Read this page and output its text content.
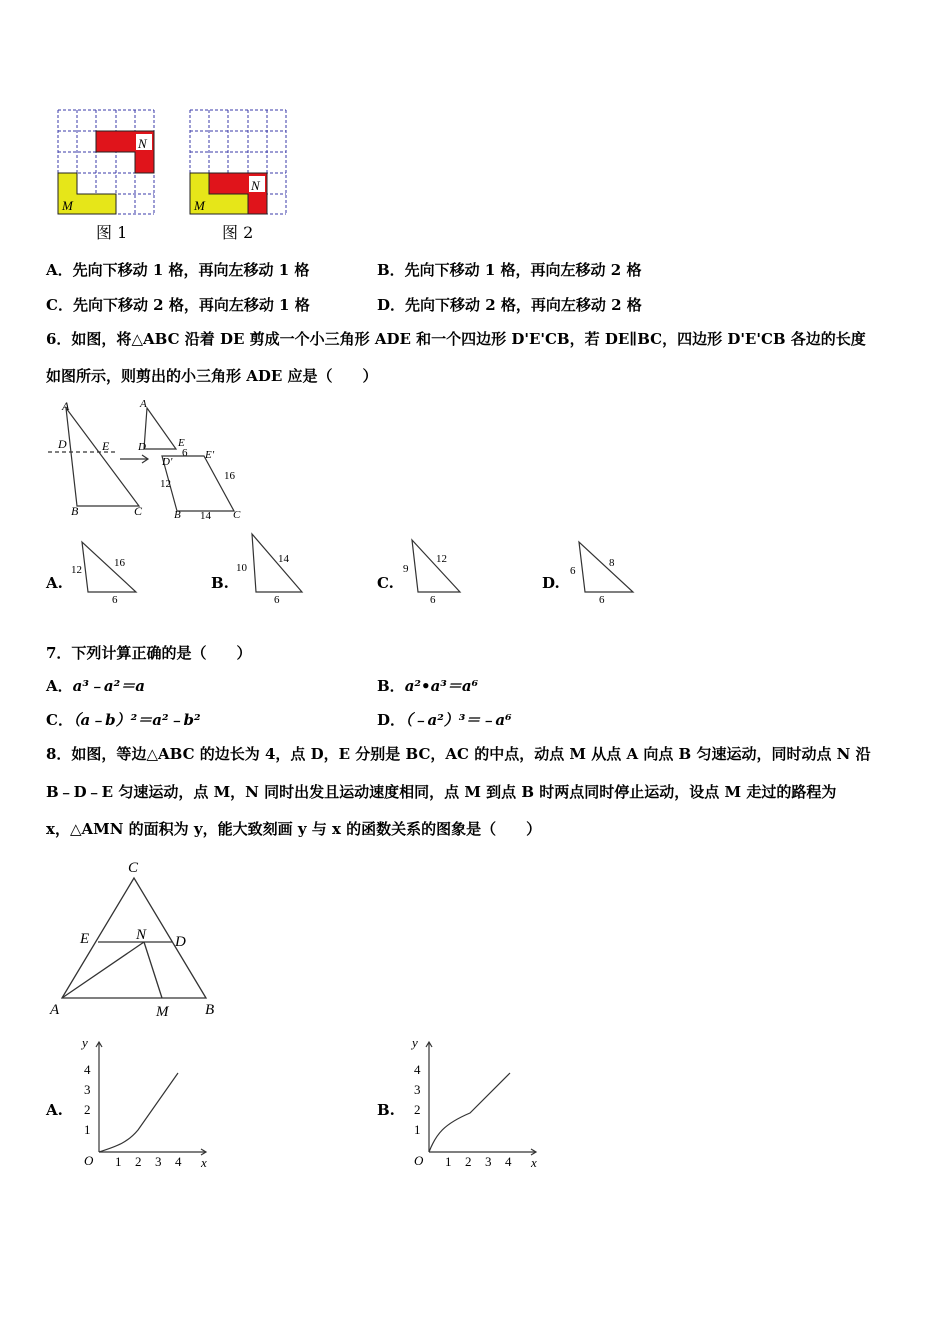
N
M
图 1
N
M
图 2
A．先向下移动 1 格，再向左移动 1 格	B．先向下移动 1 格，再向左移动 2 格
C．先向下移动 2 格，再向左移动 1 格	D．先向下移动 2 格，再向左移动 2 格
6．如图，将△ABC 沿着 DE 剪成一个小三角形 ADE 和一个四边形 D'E'CB，若 DE∥BC，四边形 D'E'CB 各边的长度
如图所示，则剪出的小三角形 ADE 应是（　　）
A
D	E
B	C
A
D	E
6
D'
E'
12
16
B 14 C
A.
12
16
6
B.
10
14
6
C.
9
12
6
D.
6
8
6
7．下列计算正确的是（　　）
A．a³﹣a²＝a	B．a²•a³＝a⁶
C．（a﹣b）²＝a²﹣b²	D．（﹣a²）³＝﹣a⁶
8．如图，等边△ABC 的边长为 4，点 D，E 分别是 BC，AC 的中点，动点 M 从点 A 向点 B 匀速运动，同时动点 N 沿
B﹣D﹣E 匀速运动，点 M，N 同时出发且运动速度相同，点 M 到点 B 时两点同时停止运动，设点 M 走过的路程为
x，△AMN 的面积为 y，能大致刻画 y 与 x 的函数关系的图象是（　　）
C
E	N D
A	M B
A.
y
4
3
2
1
O 1 2 3 4 x
B.
y
4
3
2
1
O 1 2 3 4 x
